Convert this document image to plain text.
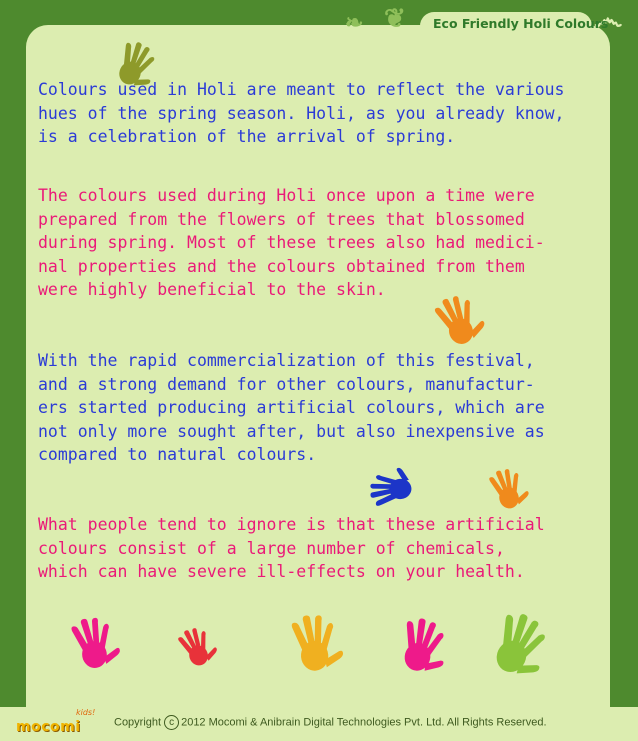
❧ ❦	෴
Eco Friendly Holi Colours
Colours used in Holi are meant to reflect the various
hues of the spring season. Holi, as you already know,
is a celebration of the arrival of spring.
The colours used during Holi once upon a time were
prepared from the flowers of trees that blossomed
during spring. Most of these trees also had medici-
nal properties and the colours obtained from them
were highly beneficial to the skin.
With the rapid commercialization of this festival,
and a strong demand for other colours, manufactur-
ers started producing artificial colours, which are
not only more sought after, but also inexpensive as
compared to natural colours.
What people tend to ignore is that these artificial
colours consist of a large number of chemicals,
which can have severe ill-effects on your health.
mocomi
kids!
Copyright c 2012 Mocomi & Anibrain Digital Technologies Pvt. Ltd. All Rights Reserved.
